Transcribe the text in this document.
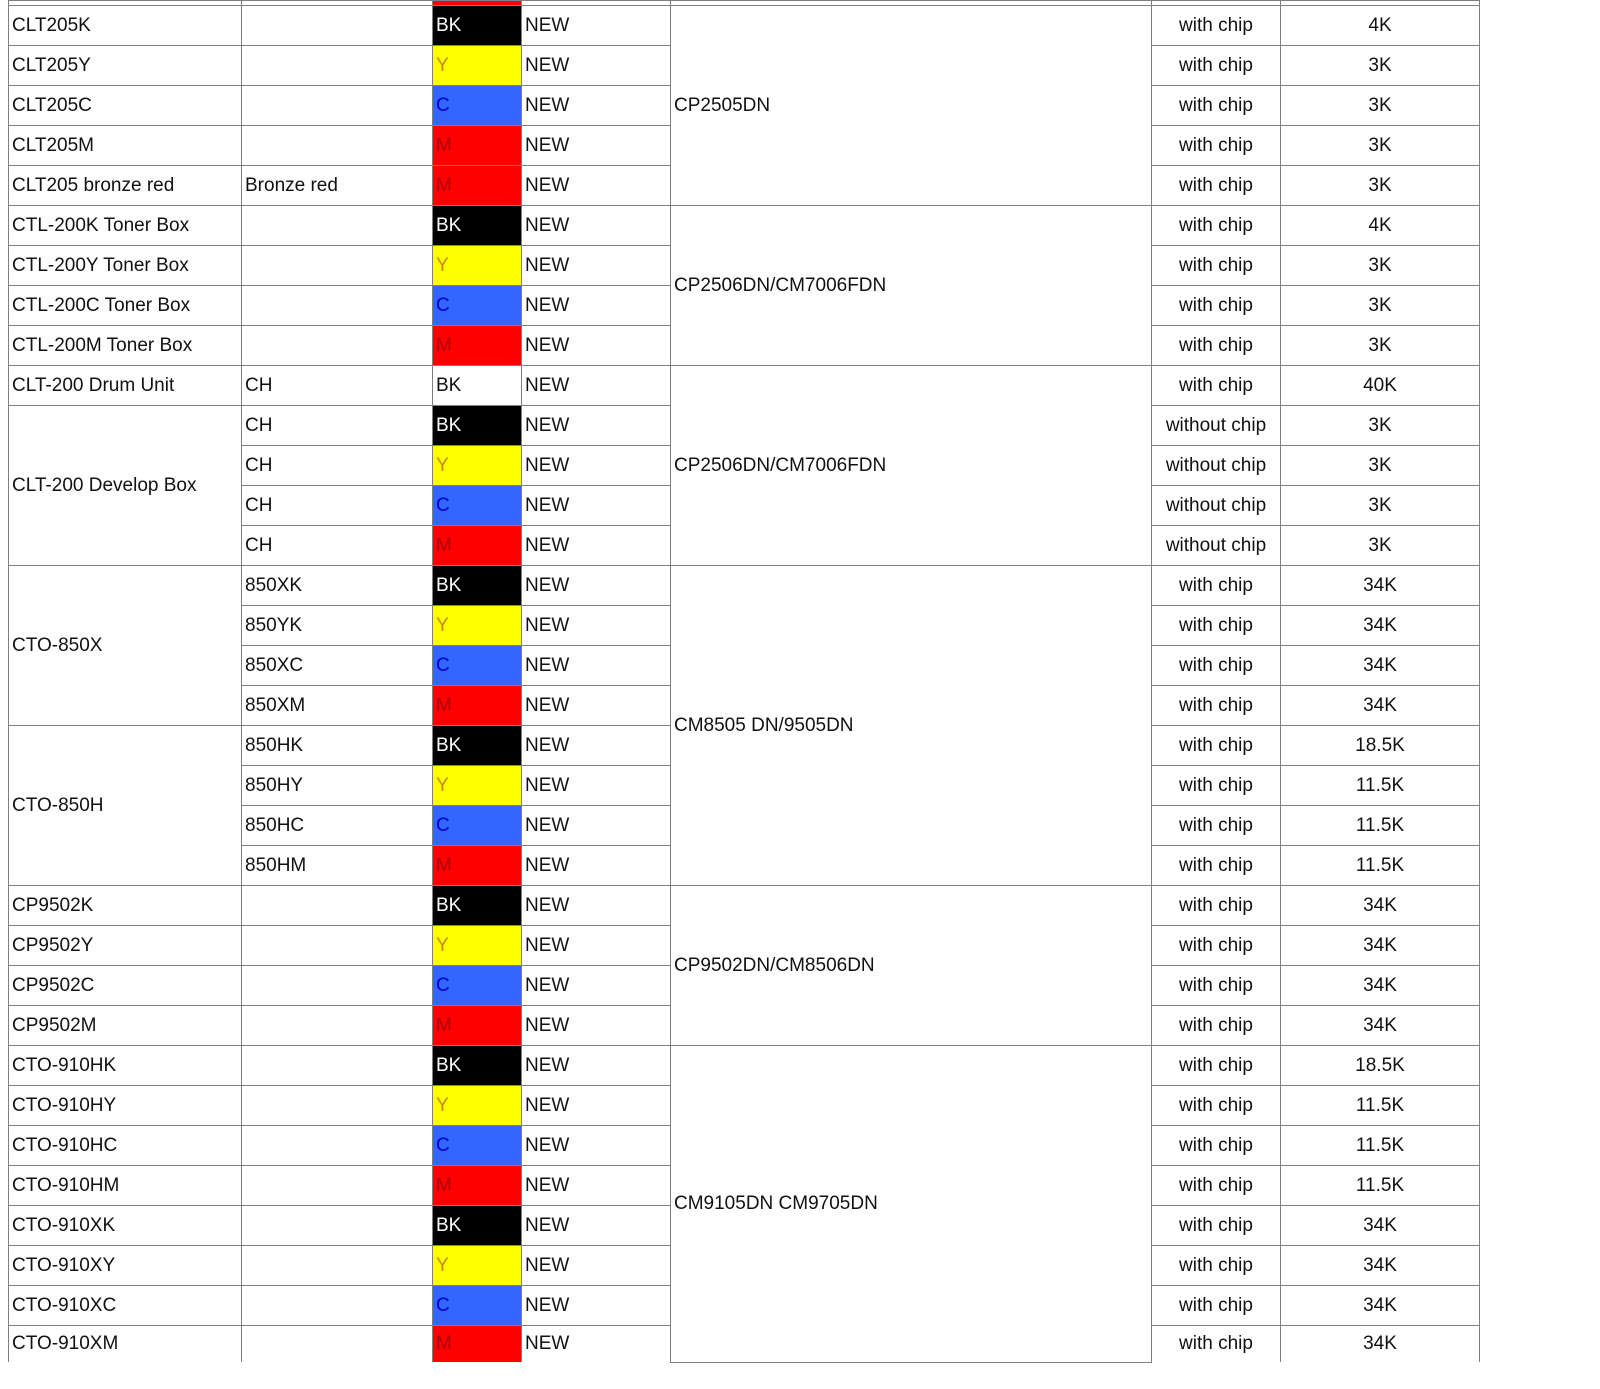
CLT205K		BK	NEW	CP2505DN	with chip	4K
CLT205Y		Y	NEW		with chip	3K
CLT205C		C	NEW		with chip	3K
CLT205M		M	NEW		with chip	3K
CLT205 bronze red	Bronze red	M	NEW		with chip	3K
CTL-200K Toner Box		BK	NEW	CP2506DN/CM7006FDN	with chip	4K
CTL-200Y Toner Box		Y	NEW		with chip	3K
CTL-200C Toner Box		C	NEW		with chip	3K
CTL-200M Toner Box		M	NEW		with chip	3K
CLT-200 Drum Unit	CH	BK	NEW	CP2506DN/CM7006FDN	with chip	40K
CLT-200 Develop Box	CH	BK	NEW		without chip	3K
	CH	Y	NEW		without chip	3K
	CH	C	NEW		without chip	3K
	CH	M	NEW		without chip	3K
CTO-850X	850XK	BK	NEW	CM8505 DN/9505DN	with chip	34K
	850YK	Y	NEW		with chip	34K
	850XC	C	NEW		with chip	34K
	850XM	M	NEW		with chip	34K
CTO-850H	850HK	BK	NEW		with chip	18.5K
	850HY	Y	NEW		with chip	11.5K
	850HC	C	NEW		with chip	11.5K
	850HM	M	NEW		with chip	11.5K
CP9502K		BK	NEW	CP9502DN/CM8506DN	with chip	34K
CP9502Y		Y	NEW		with chip	34K
CP9502C		C	NEW		with chip	34K
CP9502M		M	NEW		with chip	34K
CTO-910HK		BK	NEW	CM9105DN CM9705DN	with chip	18.5K
CTO-910HY		Y	NEW		with chip	11.5K
CTO-910HC		C	NEW		with chip	11.5K
CTO-910HM		M	NEW		with chip	11.5K
CTO-910XK		BK	NEW		with chip	34K
CTO-910XY		Y	NEW		with chip	34K
CTO-910XC		C	NEW		with chip	34K
CTO-910XM		M	NEW		with chip	34K
